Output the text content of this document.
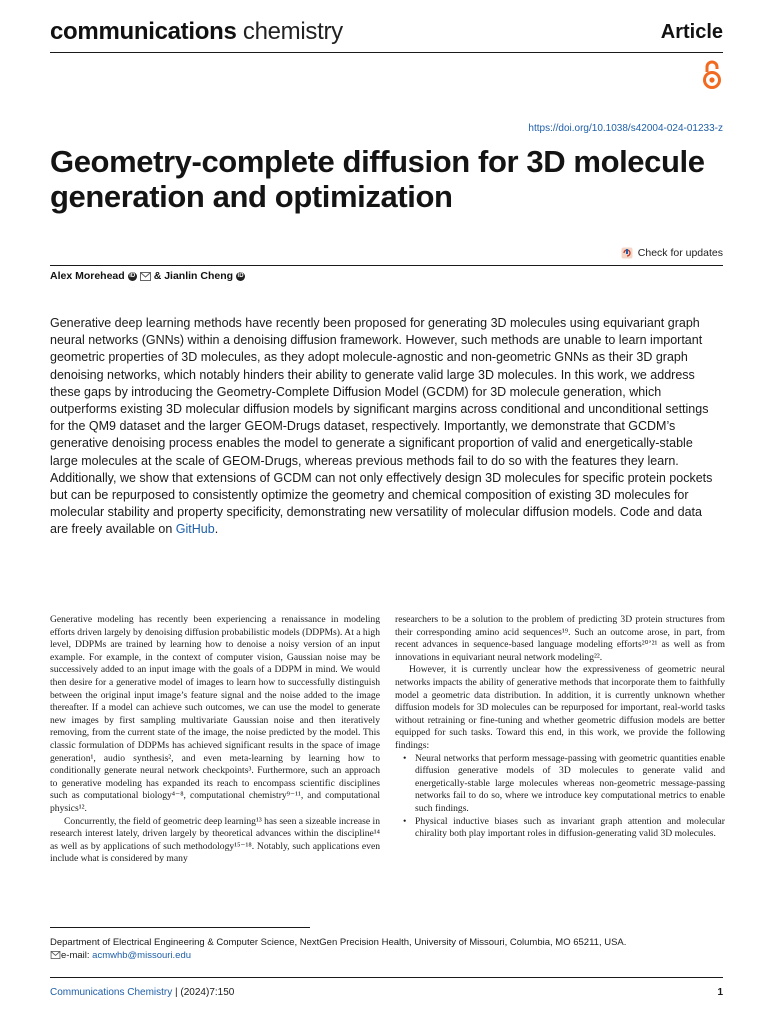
communications chemistry	Article
https://doi.org/10.1038/s42004-024-01233-z
Geometry-complete diffusion for 3D molecule generation and optimization
Check for updates
Alex Morehead iD & Jianlin Cheng iD
Generative deep learning methods have recently been proposed for generating 3D molecules using equivariant graph neural networks (GNNs) within a denoising diffusion framework. However, such methods are unable to learn important geometric properties of 3D molecules, as they adopt molecule-agnostic and non-geometric GNNs as their 3D graph denoising networks, which notably hinders their ability to generate valid large 3D molecules. In this work, we address these gaps by introducing the Geometry-Complete Diffusion Model (GCDM) for 3D molecule generation, which outperforms existing 3D molecular diffusion models by significant margins across conditional and unconditional settings for the QM9 dataset and the larger GEOM-Drugs dataset, respectively. Importantly, we demonstrate that GCDM’s generative denoising process enables the model to generate a significant proportion of valid and energetically-stable large molecules at the scale of GEOM-Drugs, whereas previous methods fail to do so with the features they learn. Additionally, we show that extensions of GCDM can not only effectively design 3D molecules for specific protein pockets but can be repurposed to consistently optimize the geometry and chemical composition of existing 3D molecules for molecular stability and property specificity, demonstrating new versatility of molecular diffusion models. Code and data are freely available on GitHub.

Generative modeling has recently been experiencing a renaissance in modeling efforts driven largely by denoising diffusion probabilistic models (DDPMs). At a high level, DDPMs are trained by learning how to denoise a noisy version of an input example. For example, in the context of computer vision, Gaussian noise may be successively added to an input image with the goals of a DDPM in mind. We would then desire for a generative model of images to learn how to successfully distinguish between the original input image’s feature signal and the noise added to the image thereafter. If a model can achieve such outcomes, we can use the model to generate new images by first sampling multivariate Gaussian noise and then iteratively removing, from the current state of the image, the noise predicted by the model. This classic formulation of DDPMs has achieved significant results in the space of image generation¹, audio synthesis², and even meta-learning by learning how to conditionally generate neural network checkpoints³. Furthermore, such an approach to generative modeling has expanded its reach to encompass scientific disciplines such as computational biology⁴⁻⁸, computational chemistry⁹⁻¹¹, and computational physics¹².

Concurrently, the field of geometric deep learning¹³ has seen a sizeable increase in research interest lately, driven largely by theoretical advances within the discipline¹⁴ as well as by applications of such methodology¹⁵⁻¹⁸. Notably, such applications even include what is considered by many

researchers to be a solution to the problem of predicting 3D protein structures from their corresponding amino acid sequences¹⁹. Such an outcome arose, in part, from recent advances in sequence-based language modeling efforts²⁰ʼ²¹ as well as from innovations in equivariant neural network modeling²².

However, it is currently unclear how the expressiveness of geometric neural networks impacts the ability of generative methods that incorporate them to faithfully model a geometric data distribution. In addition, it is currently unknown whether diffusion models for 3D molecules can be repurposed for important, real-world tasks without retraining or fine-tuning and whether geometric diffusion models are better equipped for such tasks. Toward this end, in this work, we provide the following findings:

• Neural networks that perform message-passing with geometric quantities enable diffusion generative models of 3D molecules to generate valid and energetically-stable large molecules whereas non-geometric message-passing networks fail to do so, where we introduce key computational metrics to enable such findings.
• Physical inductive biases such as invariant graph attention and molecular chirality both play important roles in diffusion-generating valid 3D molecules.
Department of Electrical Engineering & Computer Science, NextGen Precision Health, University of Missouri, Columbia, MO 65211, USA.
e-mail: acmwhb@missouri.edu
Communications Chemistry | (2024)7:150	1
